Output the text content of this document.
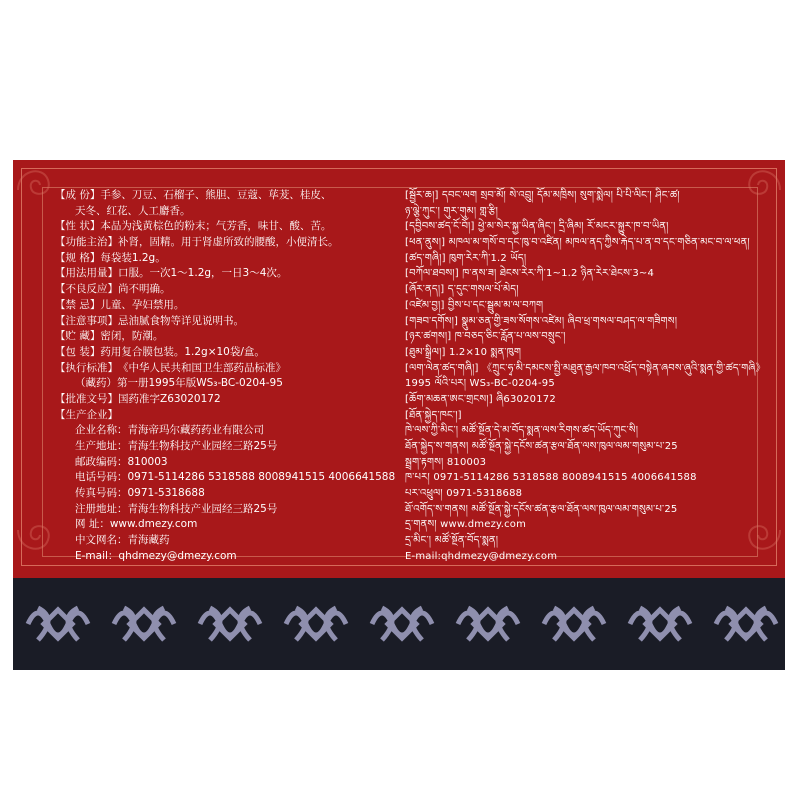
【成 份】手参、刀豆、石榴子、熊胆、豆蔻、荜茇、桂皮、
天冬、红花、人工麝香。
【性 状】本品为浅黄棕色的粉末；气芳香，味甘、酸、苦。
【功能主治】补肾，固精。用于肾虚所致的腰酸，小便清长。
【规 格】每袋装1.2g。
【用法用量】口服。一次1～1.2g，一日3～4次。
【不良反应】尚不明确。
【禁 忌】儿童、孕妇禁用。
【注意事项】忌油腻食物等详见说明书。
【贮 藏】密闭，防潮。
【包 装】药用复合膜包装。1.2g×10袋/盒。
【执行标准】《中华人民共和国卫生部药品标准》
（藏药）第一册1995年版WS₃-BC-0204-95
【批准文号】国药准字Z63020172
【生产企业】
企业名称：青海帝玛尔藏药药业有限公司
生产地址：青海生物科技产业园经三路25号
邮政编码：810003
电话号码：0971-5114286 5318588 8008941515 4006641588
传真号码：0971-5318688
注册地址：青海生物科技产业园经三路25号
网 址：www.dmezy.com
中文网名：青海藏药
E-mail：qhdmezy@dmezy.com
[སྦྱོར་ཆ།] དབང་ལག སྲབ་མོ། སེ་འབྲུ། དོམ་མཁྲིས། སུག་སྨེལ། པི་པི་ལིང་། ཤིང་ཚ།
ཉ་ལྕེ་ཀུང་། གུར་གུམ། གླ་རྩི།
[དབྱིབས་ཚད་ངོ་བོ།] ཕྱེ་མ་སེར་སྐྱ་ཡིན་ཞིང་། དྲི་ཞིམ། རོ་མངར་སྐྱུར་ཁ་བ་ཡིན།
[ཕན་ནུས།] མཁལ་མ་གསོ་བ་དང་ཁུ་བ་འཛིན། མཁལ་ནད་ཀྱིས་རྐེད་པ་ན་བ་དང་གཅིན་མང་བ་ལ་ཕན།
[ཚད་གཞི།] ཁུག་རེར་ཀི་1.2 ཡོད།
[བཀོལ་ཐབས།] ཁ་ནས་ཟ། ཐེངས་རེར་ཀི་1~1.2 ཉིན་རེར་ཐེངས་3~4
[ཞོར་ནད།] ད་དུང་གསལ་པོ་མེད།
[འཛེམ་བྱ།] བྱིས་པ་དང་སྦྲུམ་མ་ལ་བཀག
[གཟབ་དགོས།] སྣུམ་ཅན་གྱི་ཟས་སོགས་འཛེམ། ཞིབ་ཕྲ་གསལ་བཤད་ལ་གཟིགས།
[ཉར་ཚགས།] ཁ་བཅད་ཅིང་རློན་པ་ལས་བསྲུང་།
[ཐུམ་སྒྲིལ།] 1.2×10 སྨན་ཁུག
[ལག་ལེན་ཚད་གཞི།] 《ཀྲུང་ཧྭ་མི་དམངས་སྤྱི་མཐུན་རྒྱལ་ཁབ་འཕྲོད་བསྟེན་ཞབས་ཞུའི་སྨན་གྱི་ཚད་གཞི》
1995 ལོའི་པར། WS₃-BC-0204-95
[ཆོག་མཆན་ཨང་གྲངས།] ཞི63020172
[ཐོན་སྐྱེད་ཁང་།]
ཁེ་ལས་ཀྱི་མིང་། མཚོ་སྔོན་དེ་མ་བོད་སྨན་ལས་རིགས་ཚད་ཡོད་ཀུང་སི།
ཐོན་སྐྱེད་ས་གནས། མཚོ་སྔོན་སྐྱེ་དངོས་ཚན་རྩལ་ཐོན་ལས་ཁུལ་ལམ་གསུམ་པ་25
སྦྲག་རྟགས། 810003
ཁ་པར། 0971-5114286 5318588 8008941515 4006641588
པར་འཕྲུལ། 0971-5318688
ཐོ་འགོད་ས་གནས། མཚོ་སྔོན་སྐྱེ་དངོས་ཚན་རྩལ་ཐོན་ལས་ཁུལ་ལམ་གསུམ་པ་25
དྲ་གནས། www.dmezy.com
དྲ་མིང་། མཚོ་སྔོན་བོད་སྨན།
E-mail:qhdmezy@dmezy.com
